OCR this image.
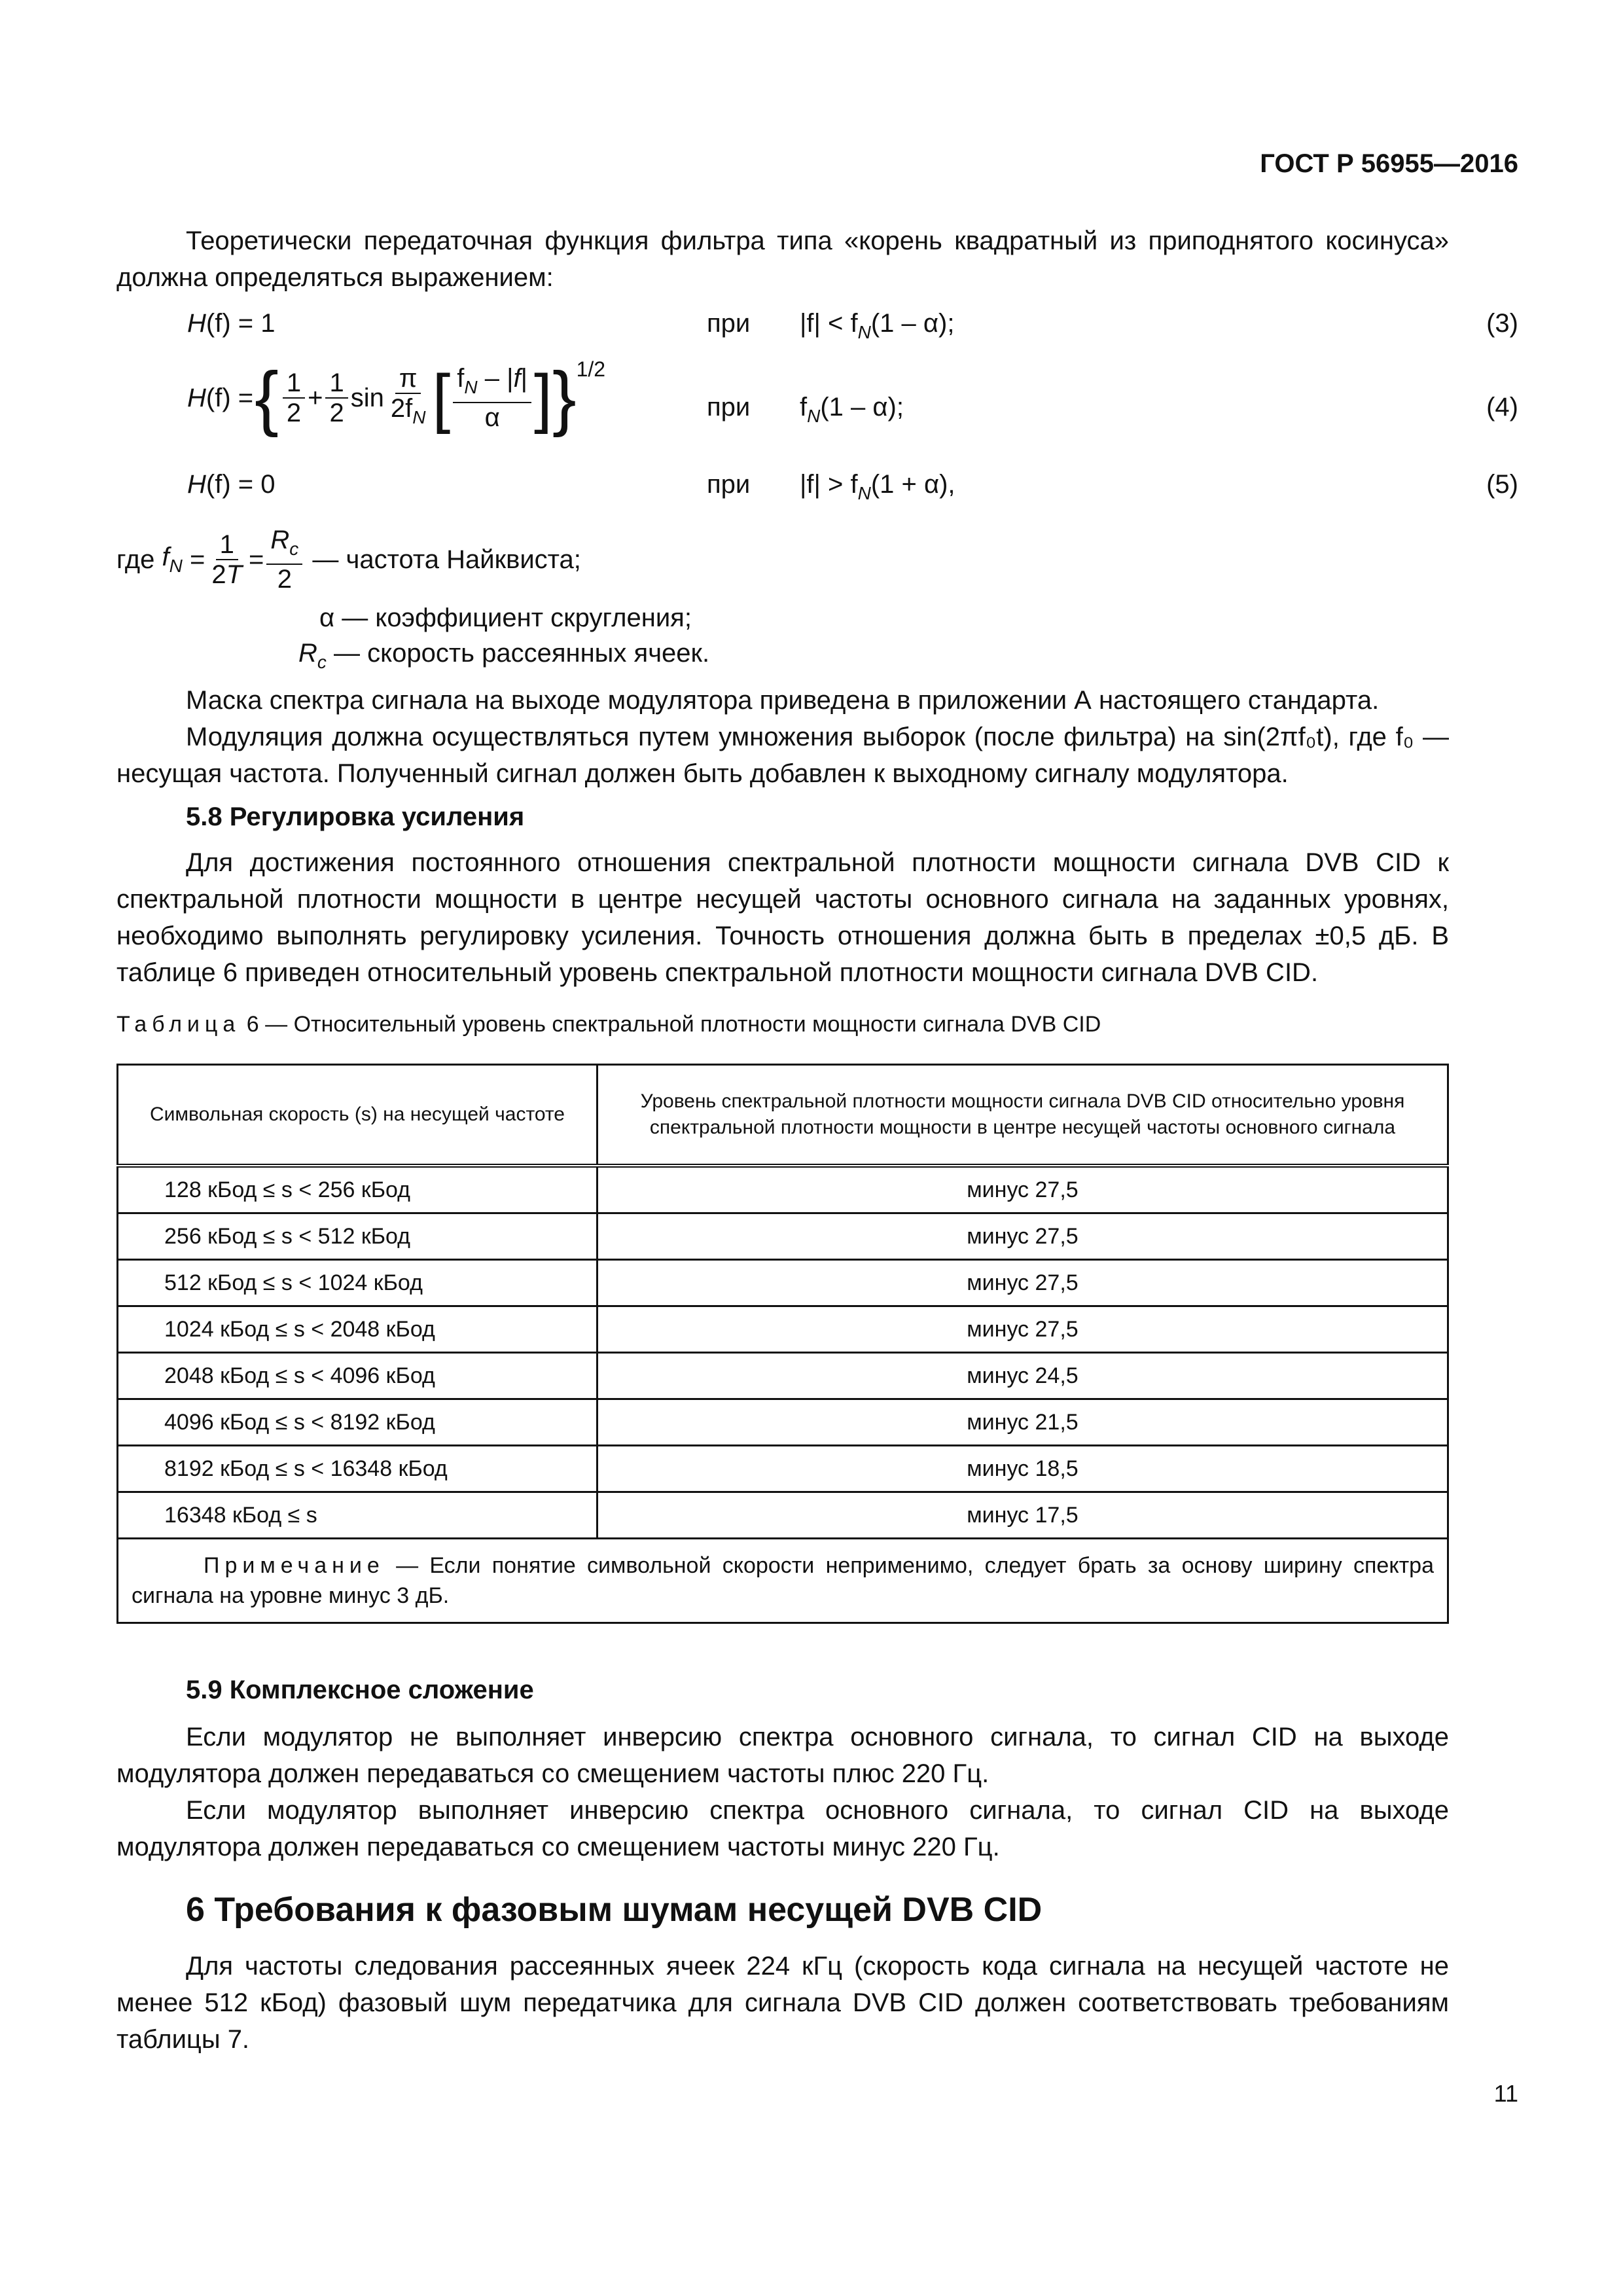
ГОСТ Р 56955—2016
Теоретически передаточная функция фильтра типа «корень квадратный из приподнятого косинуса» должна определяться выражением:
H(f) = 1	при $|f| < f_N(1 - \alpha)$;	(3)
H (f) = { $\frac{1}{2} + \frac{1}{2}$ $\sin \frac{\pi}{2f_N}$ [ $\frac{f_N - |f|}{\alpha}$ ] } 1/2
при $f_N(1 - \alpha)$;	(4)
H(f) = 0	при $|f| > f_N(1 + \alpha)$,	(5)
где
$f_N = \frac{1}{2T} = \frac{R_c}{2}$
— частота Найквиста;
α — коэффициент скругления;
$R_c$ — скорость рассеянных ячеек.
Маска спектра сигнала на выходе модулятора приведена в приложении А настоящего стандарта.
Модуляция должна осуществляться путем умножения выборок (после фильтра) на sin(2πf₀t), где f₀ — несущая частота. Полученный сигнал должен быть добавлен к выходному сигналу модулятора.
5.8 Регулировка усиления
Для достижения постоянного отношения спектральной плотности мощности сигнала DVB CID к спектральной плотности мощности в центре несущей частоты основного сигнала на заданных уровнях, необходимо выполнять регулировку усиления. Точность отношения должна быть в пределах ±0,5 дБ. В таблице 6 приведен относительный уровень спектральной плотности мощности сигнала DVB CID.
Таблица 6 — Относительный уровень спектральной плотности мощности сигнала DVB CID
Символьная скорость (s) на несущей частоте	Уровень спектральной плотности мощности сигнала DVB CID относительно уровня спектральной плотности мощности в центре несущей частоты основного сигнала
128 кБод ≤ s < 256 кБод	минус 27,5
256 кБод ≤ s < 512 кБод	минус 27,5
512 кБод ≤ s < 1024 кБод	минус 27,5
1024 кБод ≤ s < 2048 кБод	минус 27,5
2048 кБод ≤ s < 4096 кБод	минус 24,5
4096 кБод ≤ s < 8192 кБод	минус 21,5
8192 кБод ≤ s < 16348 кБод	минус 18,5
16348 кБод ≤ s	минус 17,5
Примечание — Если понятие символьной скорости неприменимо, следует брать за основу ширину спектра сигнала на уровне минус 3 дБ.	
5.9 Комплексное сложение
Если модулятор не выполняет инверсию спектра основного сигнала, то сигнал CID на выходе модулятора должен передаваться со смещением частоты плюс 220 Гц.
Если модулятор выполняет инверсию спектра основного сигнала, то сигнал CID на выходе модулятора должен передаваться со смещением частоты минус 220 Гц.
6 Требования к фазовым шумам несущей DVB CID
Для частоты следования рассеянных ячеек 224 кГц (скорость кода сигнала на несущей частоте не менее 512 кБод) фазовый шум передатчика для сигнала DVB CID должен соответствовать требованиям таблицы 7.
11
